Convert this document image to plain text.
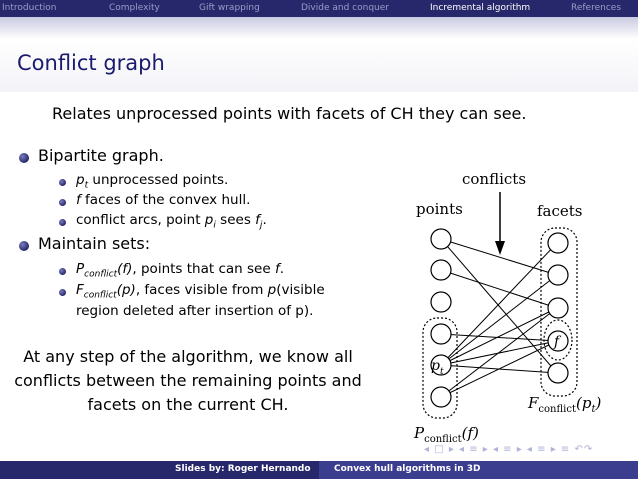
Introduction	Complexity	Gift wrapping	Divide and conquer	Incremental algorithm	References
Conflict graph
Relates unprocessed points with facets of CH they can see.
Bipartite graph.
$p_t$ unprocessed points.
f faces of the convex hull.
conflict arcs, point $p_i$ sees $f_j$.
Maintain sets:
$P_{conflict}(f)$, points that can see f.
$F_{conflict}(p)$, faces visible from p(visible
region deleted after insertion of p).
At any step of the algorithm, we know all conflicts between the remaining points and facets on the current CH.
conflicts
points	facets
f
$p_t$
$F_{conflict}(p_t)$
$P_{conflict}(f)$
◂ □ ▸ ◂ ≡ ▸ ◂ ≡ ▸ ◂ ≡ ▸ ≡ ↶↷
Slides by: Roger Hernando	Convex hull algorithms in 3D
